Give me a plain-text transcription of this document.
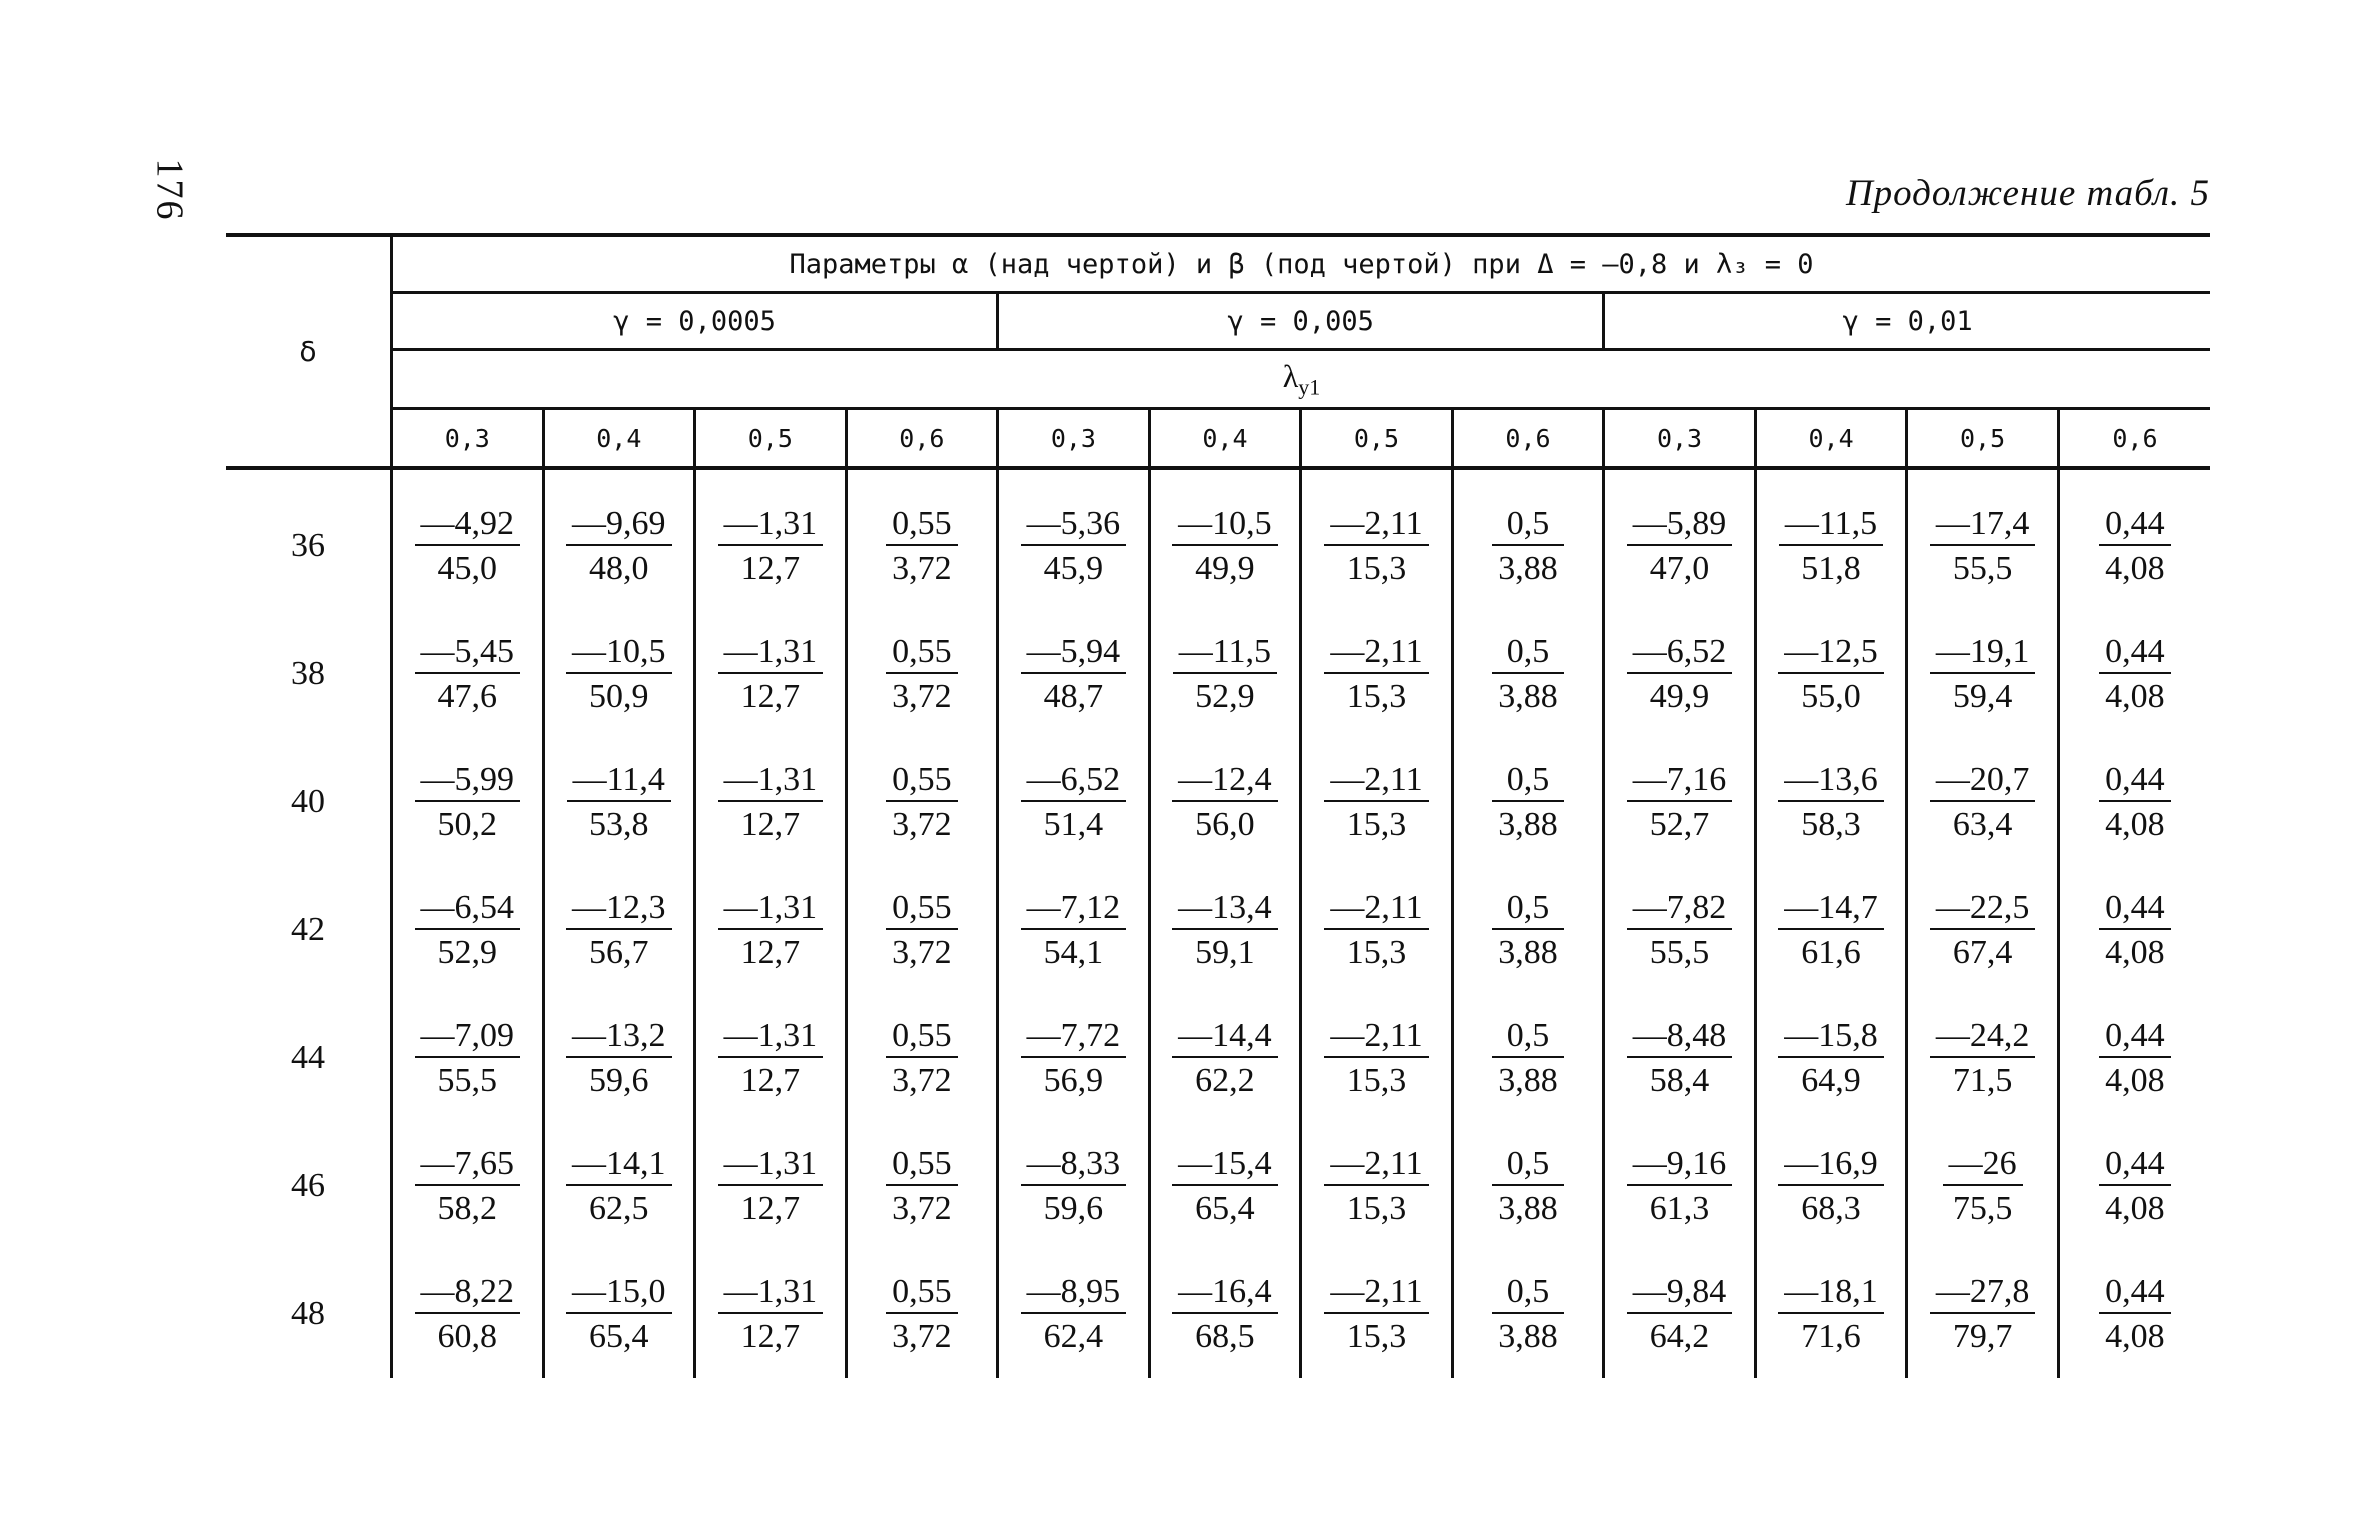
176	Продолжение табл. 5
δ	Параметры α (над чертой) и β (под чертой) при Δ = —0,8 и λ₃ = 0											
	γ = 0,0005				γ = 0,005				γ = 0,01			
	$\lambda_{y1}$
	0,3	0,4	0,5	0,6	0,3	0,4	0,5	0,6	0,3	0,4	0,5	0,6
36	$\frac{—4,92}{45,0}$	$\frac{—9,69}{48,0}$	$\frac{—1,31}{12,7}$	$\frac{0,55}{3,72}$	$\frac{—5,36}{45,9}$	$\frac{—10,5}{49,9}$	$\frac{—2,11}{15,3}$	$\frac{0,5}{3,88}$	$\frac{—5,89}{47,0}$	$\frac{—11,5}{51,8}$	$\frac{—17,4}{55,5}$	$\frac{0,44}{4,08}$

38	$\frac{—5,45}{47,6}$	$\frac{—10,5}{50,9}$	$\frac{—1,31}{12,7}$	$\frac{0,55}{3,72}$	$\frac{—5,94}{48,7}$	$\frac{—11,5}{52,9}$	$\frac{—2,11}{15,3}$	$\frac{0,5}{3,88}$	$\frac{—6,52}{49,9}$	$\frac{—12,5}{55,0}$	$\frac{—19,1}{59,4}$	$\frac{0,44}{4,08}$

40	$\frac{—5,99}{50,2}$	$\frac{—11,4}{53,8}$	$\frac{—1,31}{12,7}$	$\frac{0,55}{3,72}$	$\frac{—6,52}{51,4}$	$\frac{—12,4}{56,0}$	$\frac{—2,11}{15,3}$	$\frac{0,5}{3,88}$	$\frac{—7,16}{52,7}$	$\frac{—13,6}{58,3}$	$\frac{—20,7}{63,4}$	$\frac{0,44}{4,08}$

42	$\frac{—6,54}{52,9}$	$\frac{—12,3}{56,7}$	$\frac{—1,31}{12,7}$	$\frac{0,55}{3,72}$	$\frac{—7,12}{54,1}$	$\frac{—13,4}{59,1}$	$\frac{—2,11}{15,3}$	$\frac{0,5}{3,88}$	$\frac{—7,82}{55,5}$	$\frac{—14,7}{61,6}$	$\frac{—22,5}{67,4}$	$\frac{0,44}{4,08}$

44	$\frac{—7,09}{55,5}$	$\frac{—13,2}{59,6}$	$\frac{—1,31}{12,7}$	$\frac{0,55}{3,72}$	$\frac{—7,72}{56,9}$	$\frac{—14,4}{62,2}$	$\frac{—2,11}{15,3}$	$\frac{0,5}{3,88}$	$\frac{—8,48}{58,4}$	$\frac{—15,8}{64,9}$	$\frac{—24,2}{71,5}$	$\frac{0,44}{4,08}$

46	$\frac{—7,65}{58,2}$	$\frac{—14,1}{62,5}$	$\frac{—1,31}{12,7}$	$\frac{0,55}{3,72}$	$\frac{—8,33}{59,6}$	$\frac{—15,4}{65,4}$	$\frac{—2,11}{15,3}$	$\frac{0,5}{3,88}$	$\frac{—9,16}{61,3}$	$\frac{—16,9}{68,3}$	$\frac{—26}{75,5}$	$\frac{0,44}{4,08}$

48	$\frac{—8,22}{60,8}$	$\frac{—15,0}{65,4}$	$\frac{—1,31}{12,7}$	$\frac{0,55}{3,72}$	$\frac{—8,95}{62,4}$	$\frac{—16,4}{68,5}$	$\frac{—2,11}{15,3}$	$\frac{0,5}{3,88}$	$\frac{—9,84}{64,2}$	$\frac{—18,1}{71,6}$	$\frac{—27,8}{79,7}$	$\frac{0,44}{4,08}$
